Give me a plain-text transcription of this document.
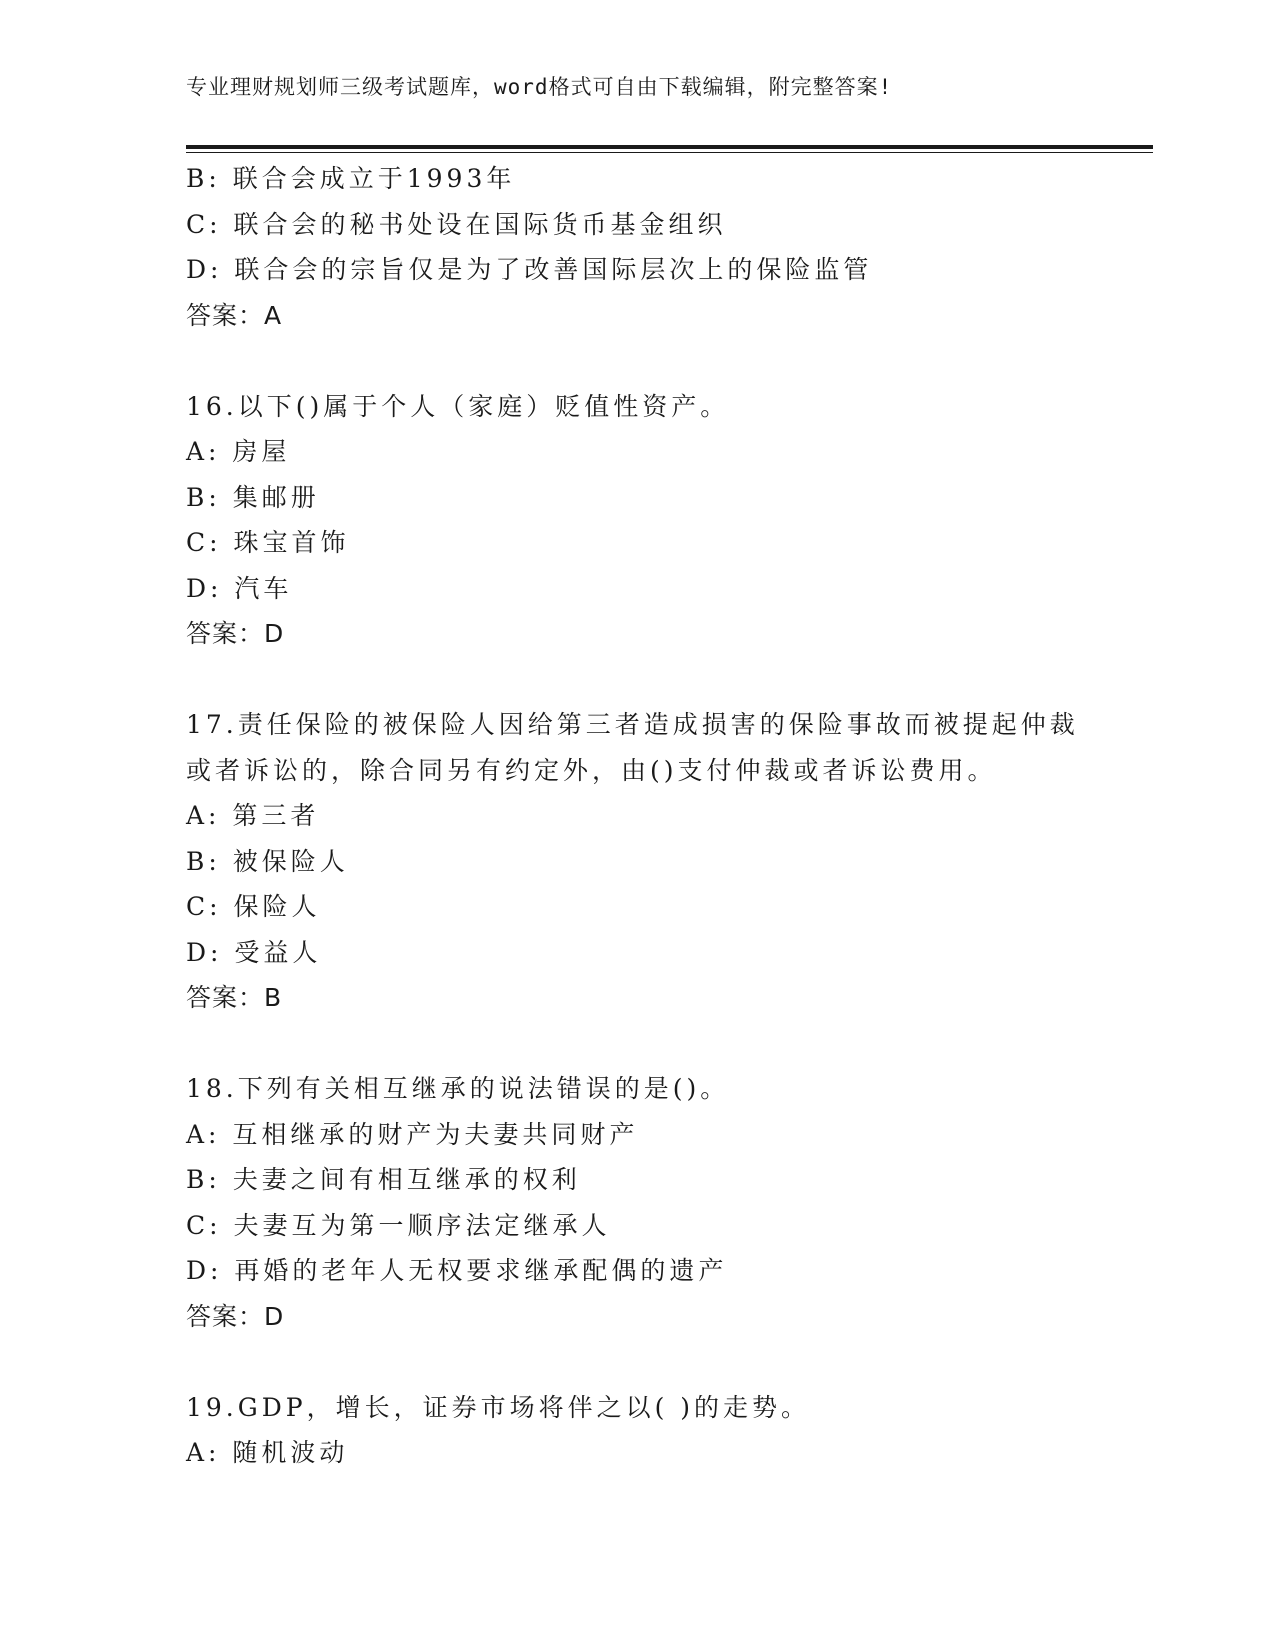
专业理财规划师三级考试题库，word格式可自由下载编辑，附完整答案!
B: 联合会成立于1993年
C: 联合会的秘书处设在国际货币基金组织
D: 联合会的宗旨仅是为了改善国际层次上的保险监管
答案：A
16.以下()属于个人（家庭）贬值性资产。
A: 房屋
B: 集邮册
C: 珠宝首饰
D: 汽车
答案：D
17.责任保险的被保险人因给第三者造成损害的保险事故而被提起仲裁
或者诉讼的，除合同另有约定外，由()支付仲裁或者诉讼费用。
A: 第三者
B: 被保险人
C: 保险人
D: 受益人
答案：B
18.下列有关相互继承的说法错误的是()。
A: 互相继承的财产为夫妻共同财产
B: 夫妻之间有相互继承的权利
C: 夫妻互为第一顺序法定继承人
D: 再婚的老年人无权要求继承配偶的遗产
答案：D
19.GDP，增长，证券市场将伴之以( )的走势。
A: 随机波动
